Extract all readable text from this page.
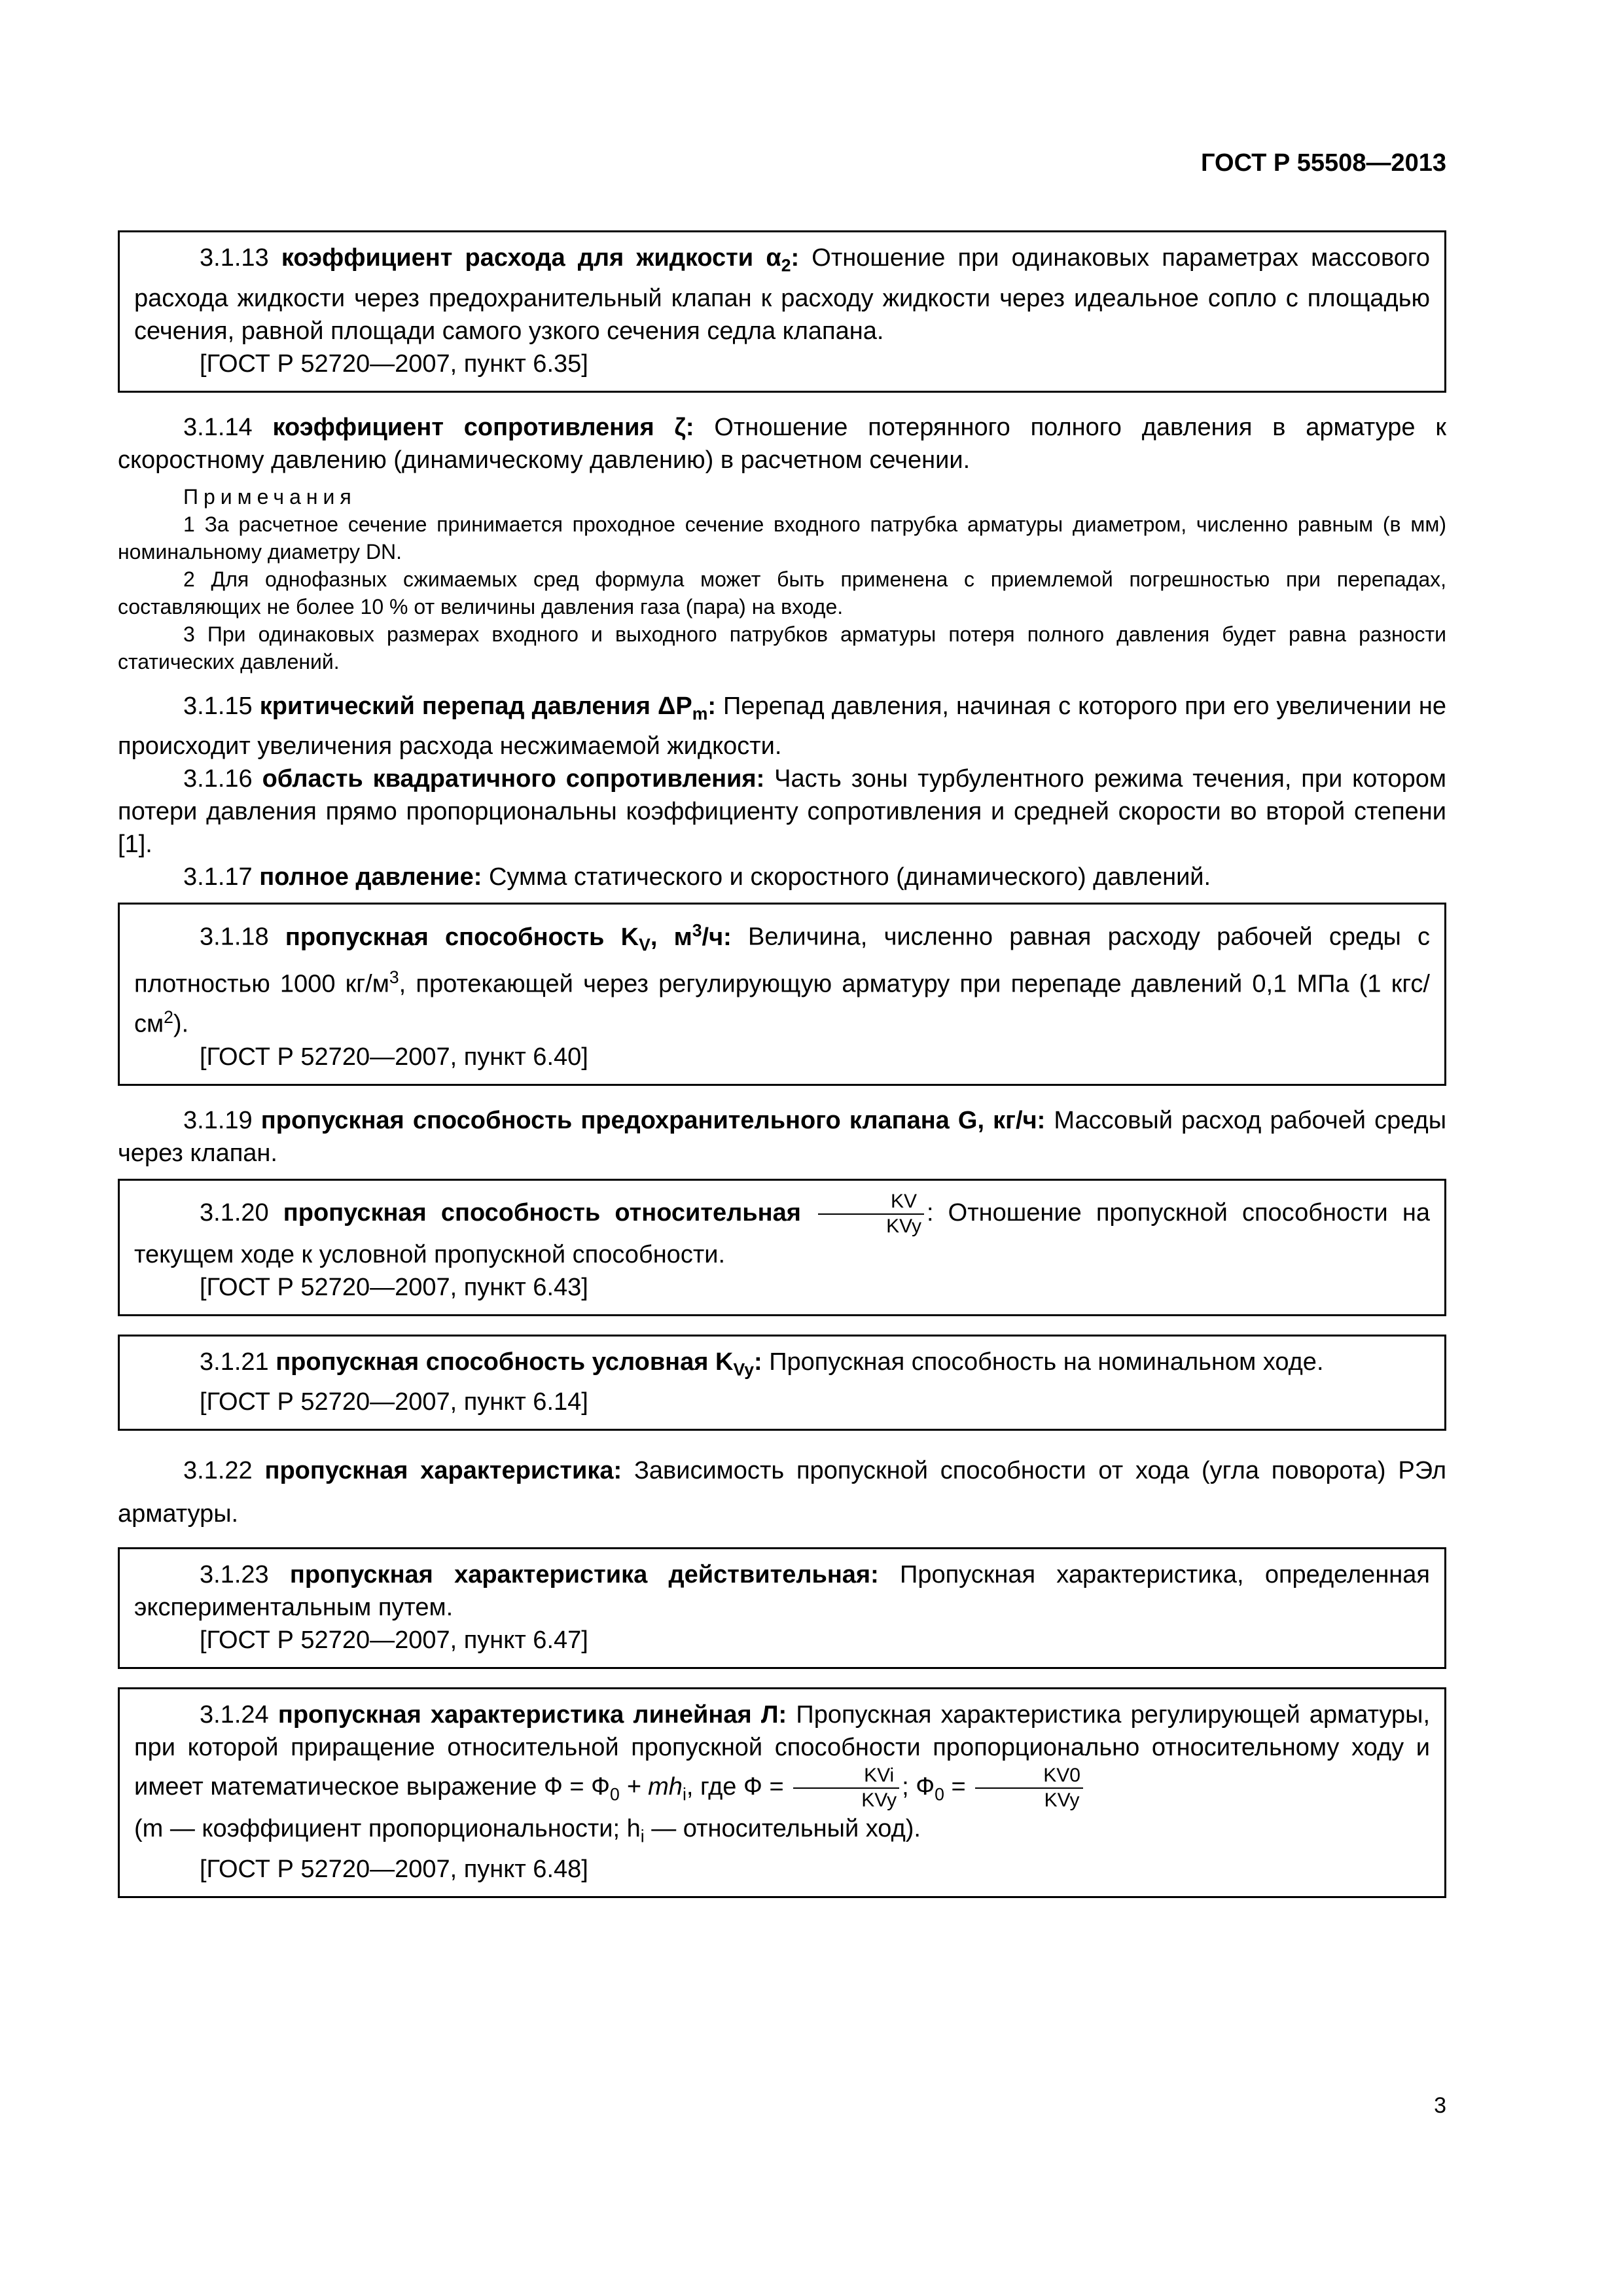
ГОСТ Р 55508—2013

3.1.13 коэффициент расхода для жидкости $\alpha_2$: Отношение при одинаковых параметрах массового расхода жидкости через предохранительный клапан к расходу жидкости через идеальное сопло с площадью сечения, равной площади самого узкого сечения седла клапана.

[ГОСТ Р 52720—2007, пункт 6.35]

3.1.14 коэффициент сопротивления ζ: Отношение потерянного полного давления в арматуре к скоростному давлению (динамическому давлению) в расчетном сечении.

Примечания

1 За расчетное сечение принимается проходное сечение входного патрубка арматуры диаметром, численно равным (в мм) номинальному диаметру DN.

2 Для однофазных сжимаемых сред формула может быть применена с приемлемой погрешностью при перепадах, составляющих не более 10 % от величины давления газа (пара) на входе.

3 При одинаковых размерах входного и выходного патрубков арматуры потеря полного давления будет равна разности статических давлений.

3.1.15 критический перепад давления $\Delta P_m$: Перепад давления, начиная с которого при его увеличении не происходит увеличения расхода несжимаемой жидкости.

3.1.16 область квадратичного сопротивления: Часть зоны турбулентного режима течения, при котором потери давления прямо пропорциональны коэффициенту сопротивления и средней скорости во второй степени [1].

3.1.17 полное давление: Сумма статического и скоростного (динамического) давлений.

3.1.18 пропускная способность $K_V$, $м^3/ч$: Величина, численно равная расходу рабочей среды с плотностью 1000 $кг/м^3$, протекающей через регулирующую арматуру при перепаде давлений 0,1 МПа (1 кгс/$см^2$).

[ГОСТ Р 52720—2007, пункт 6.40]

3.1.19 пропускная способность предохранительного клапана G, кг/ч: Массовый расход рабочей среды через клапан.

3.1.20 пропускная способность относительная $\frac{KV}{\text{KVy}}$ : Отношение пропускной способности на текущем ходе к условной пропускной способности.

[ГОСТ Р 52720—2007, пункт 6.43]

3.1.21 пропускная способность условная $K_{Vy}$: Пропускная способность на номинальном ходе.

[ГОСТ Р 52720—2007, пункт 6.14]

3.1.22 пропускная характеристика: Зависимость пропускной способности от хода (угла поворота) РЭл арматуры.

3.1.23 пропускная характеристика действительная: Пропускная характеристика, определенная экспериментальным путем.

[ГОСТ Р 52720—2007, пункт 6.47]

3.1.24 пропускная характеристика линейная Л: Пропускная характеристика регулирующей арматуры, при которой приращение относительной пропускной способности пропорционально относительному ходу и имеет математическое выражение $Ф = Ф_0 + mh_i$, где $Ф = \frac{\text{KVi}}{\text{KVy}}$ ; $Ф_0 = \frac{KV0}{\text{KVy}}$

(m — коэффициент пропорциональности; $h_i$ — относительный ход).

[ГОСТ Р 52720—2007, пункт 6.48]

3
